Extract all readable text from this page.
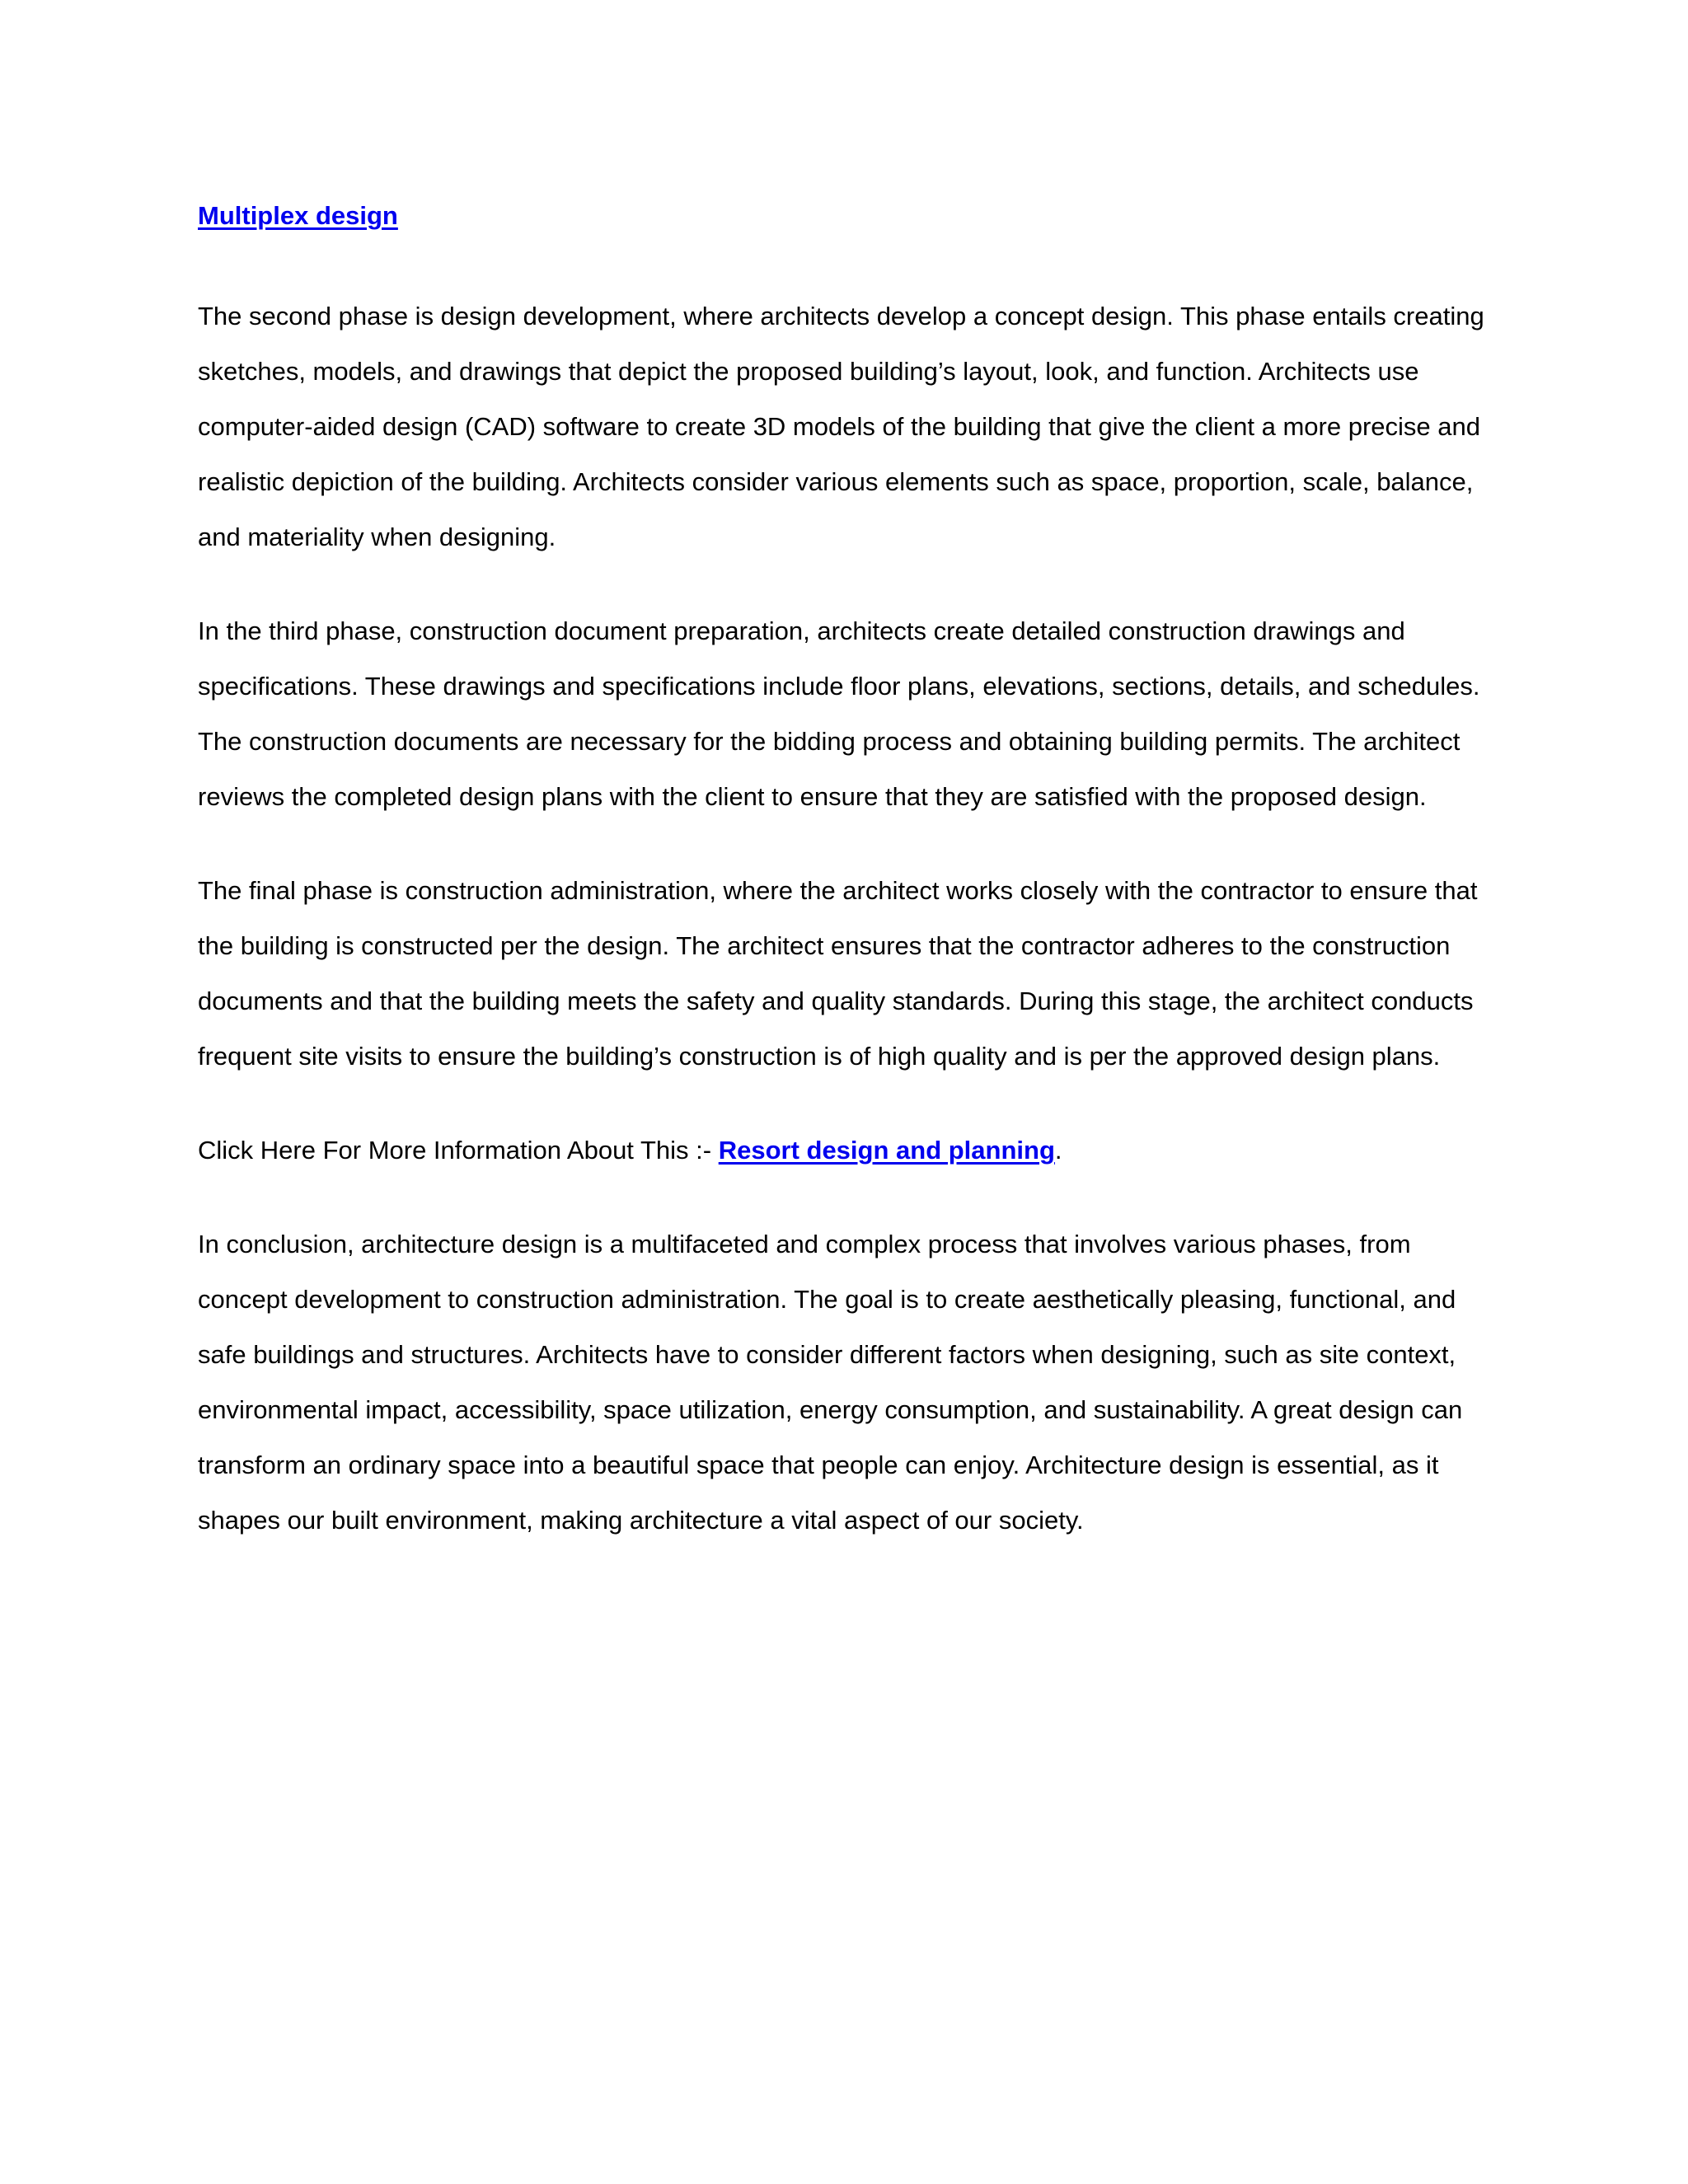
Multiplex design

The second phase is design development, where architects develop a concept design. This phase entails creating sketches, models, and drawings that depict the proposed building’s layout, look, and function. Architects use computer-aided design (CAD) software to create 3D models of the building that give the client a more precise and realistic depiction of the building. Architects consider various elements such as space, proportion, scale, balance, and materiality when designing.

In the third phase, construction document preparation, architects create detailed construction drawings and specifications. These drawings and specifications include floor plans, elevations, sections, details, and schedules. The construction documents are necessary for the bidding process and obtaining building permits. The architect reviews the completed design plans with the client to ensure that they are satisfied with the proposed design.

The final phase is construction administration, where the architect works closely with the contractor to ensure that the building is constructed per the design. The architect ensures that the contractor adheres to the construction documents and that the building meets the safety and quality standards. During this stage, the architect conducts frequent site visits to ensure the building’s construction is of high quality and is per the approved design plans.

Click Here For More Information About This :- Resort design and planning.

In conclusion, architecture design is a multifaceted and complex process that involves various phases, from concept development to construction administration. The goal is to create aesthetically pleasing, functional, and safe buildings and structures. Architects have to consider different factors when designing, such as site context, environmental impact, accessibility, space utilization, energy consumption, and sustainability. A great design can transform an ordinary space into a beautiful space that people can enjoy. Architecture design is essential, as it shapes our built environment, making architecture a vital aspect of our society.
